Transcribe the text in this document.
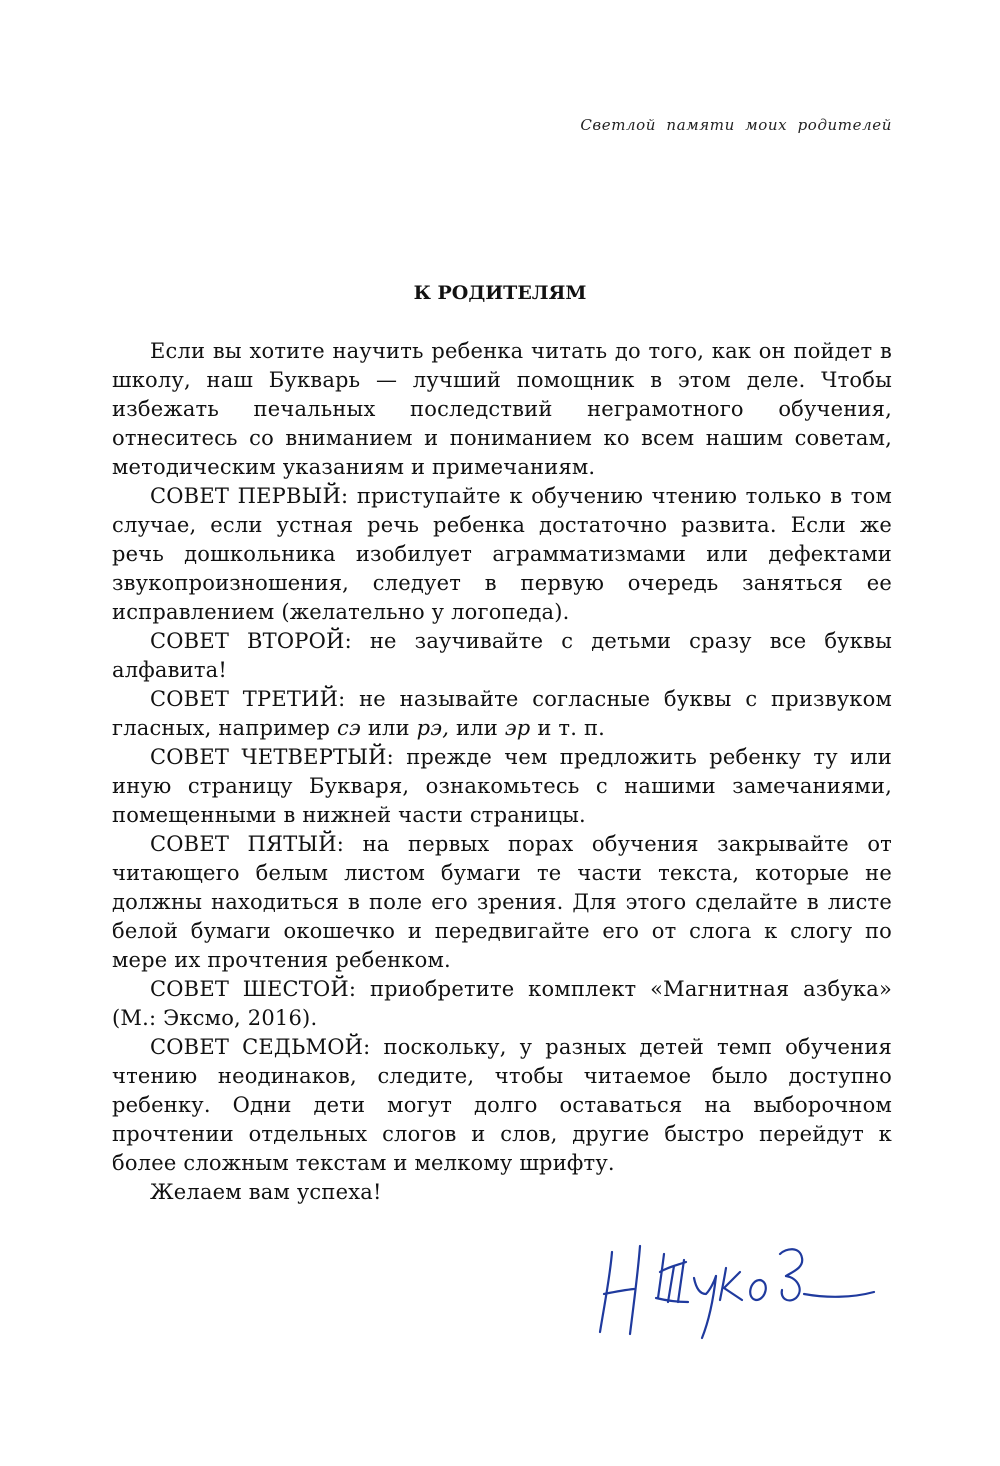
Светлой памяти моих родителей

К РОДИТЕЛЯМ

Если вы хотите научить ребенка читать до того, как он пойдет в школу, наш Букварь — лучший помощник в этом деле. Чтобы избежать печальных последствий неграмотного обучения, отнеситесь со вниманием и пониманием ко всем нашим советам, методическим указаниям и примечаниям.

СОВЕТ ПЕРВЫЙ: приступайте к обучению чтению только в том случае, если устная речь ребенка достаточно развита. Если же речь дошкольника изобилует аграмматизмами или дефектами звукопроизношения, следует в первую очередь заняться ее исправлением (желательно у логопеда).

СОВЕТ ВТОРОЙ: не заучивайте с детьми сразу все буквы алфавита!

СОВЕТ ТРЕТИЙ: не называйте согласные буквы с призвуком гласных, например сэ или рэ, или эр и т. п.

СОВЕТ ЧЕТВЕРТЫЙ: прежде чем предложить ребенку ту или иную страницу Букваря, ознакомьтесь с нашими замечаниями, помещенными в нижней части страницы.

СОВЕТ ПЯТЫЙ: на первых порах обучения закрывайте от читающего белым листом бумаги те части текста, которые не должны находиться в поле его зрения. Для этого сделайте в листе белой бумаги окошечко и передвигайте его от слога к слогу по мере их прочтения ребенком.

СОВЕТ ШЕСТОЙ: приобретите комплект «Магнитная азбука» (М.: Эксмо, 2016).

СОВЕТ СЕДЬМОЙ: поскольку, у разных детей темп обучения чтению неодинаков, следите, чтобы читаемое было доступно ребенку. Одни дети могут долго оставаться на выборочном прочтении отдельных слогов и слов, другие быстро перейдут к более сложным текстам и мелкому шрифту.

Желаем вам успеха!
